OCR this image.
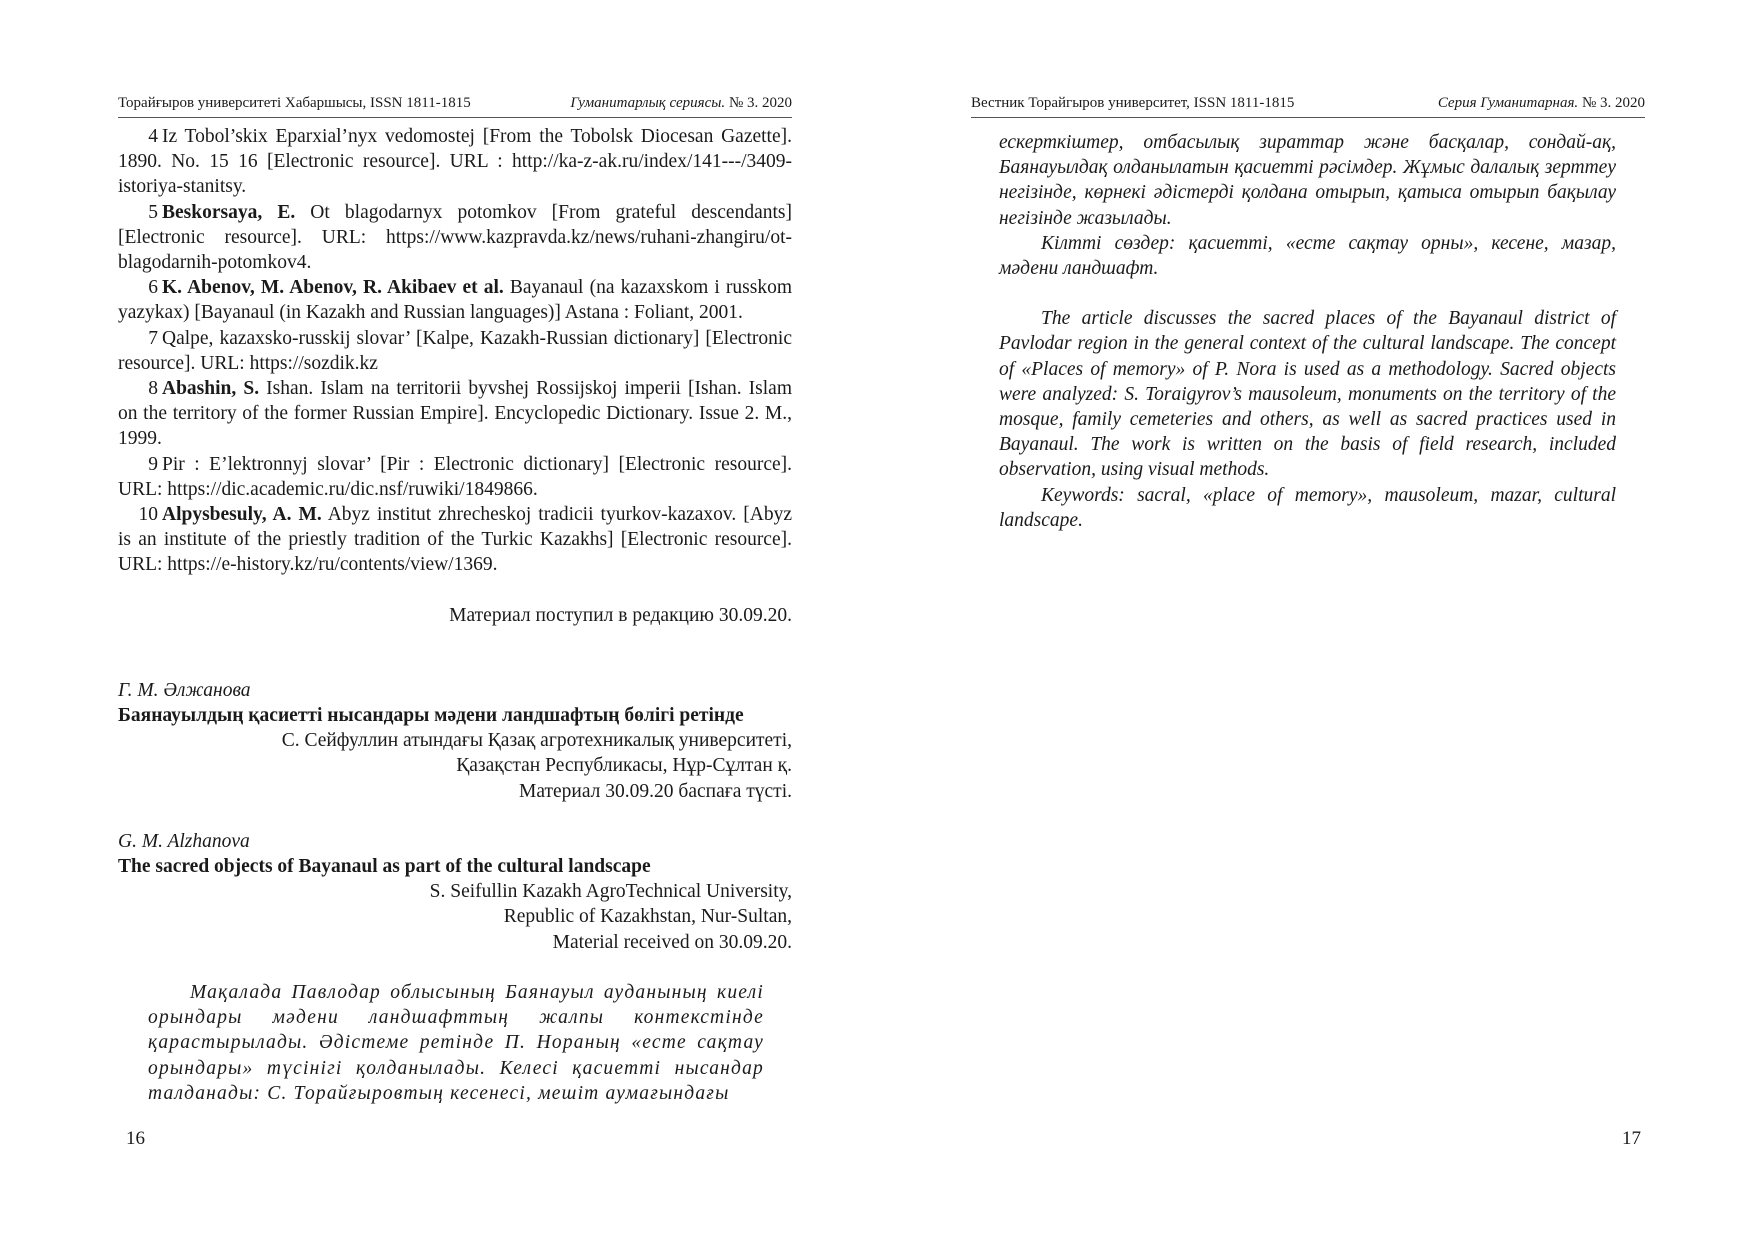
Торайғыров университеті Хабаршысы, ISSN 1811-1815	Гуманитарлық сериясы. № 3. 2020

4 Iz Tobol’skix Eparxial’nyx vedomostej [From the Tobolsk Diocesan Gazette]. 1890. No. 15 16 [Electronic resource]. URL : http://ka-z-ak.ru/index/141---/3409-istoriya-stanitsy.

5 Beskorsaya, E. Ot blagodarnyx potomkov [From grateful descendants] [Electronic resource]. URL: https://www.kazpravda.kz/news/ruhani-zhangiru/ot-blagodarnih-potomkov4.

6 K. Abenov, M. Abenov, R. Akibaev et al. Bayanaul (na kazaxskom i russkom yazykax) [Bayanaul (in Kazakh and Russian languages)] Astana : Foliant, 2001.

7 Qalpe, kazaxsko-russkij slovar’ [Kalpe, Kazakh-Russian dictionary] [Electronic resource]. URL: https://sozdik.kz

8 Abashin, S. Ishan. Islam na territorii byvshej Rossijskoj imperii [Ishan. Islam on the territory of the former Russian Empire]. Encyclopedic Dictionary. Issue 2. M., 1999.

9 Pir : E’lektronnyj slovar’ [Pir : Electronic dictionary] [Electronic resource]. URL: https://dic.academic.ru/dic.nsf/ruwiki/1849866.

10 Alpysbesuly, A. M. Abyz institut zhrecheskoj tradicii tyurkov-kazaxov. [Abyz is an institute of the priestly tradition of the Turkic Kazakhs] [Electronic resource]. URL: https://e-history.kz/ru/contents/view/1369.

Материал поступил в редакцию 30.09.20.

Г. М. Әлжанова

Баянауылдың қасиетті нысандары мәдени ландшафтың бөлігі ретінде

С. Сейфуллин атындағы Қазақ агротехникалық университеті,

Қазақстан Республикасы, Нұр-Сұлтан қ.

Материал 30.09.20 баспаға түсті.

G. M. Alzhanova

The sacred objects of Bayanaul as part of the cultural landscape

S. Seifullin Kazakh AgroTechnical University,

Republic of Kazakhstan, Nur-Sultan,

Material received on 30.09.20.

Мақалада Павлодар облысының Баянауыл ауданының киелі орындары мәдени ландшафттың жалпы контекстінде қарастырылады. Әдістеме ретінде П. Нораның «есте сақтау орындары» түсінігі қолданылады. Келесі қасиетті нысандар талданады: С. Торайғыровтың кесенесі, мешіт аумағындағы

16
Вестник Торайгыров университет, ISSN 1811-1815	Серия Гуманитарная. № 3. 2020

ескерткіштер, отбасылық зираттар және басқалар, сондай-ақ, Баянауылдақ олданылатын қасиетті рәсімдер. Жұмыс далалық зерттеу негізінде, көрнекі әдістерді қолдана отырып, қатыса отырып бақылау негізінде жазылады.

Кілтті сөздер: қасиетті, «есте сақтау орны», кесене, мазар, мәдени ландшафт.

The article discusses the sacred places of the Bayanaul district of Pavlodar region in the general context of the cultural landscape. The concept of «Places of memory» of P. Nora is used as a methodology. Sacred objects were analyzed: S. Toraigyrov’s mausoleum, monuments on the territory of the mosque, family cemeteries and others, as well as sacred practices used in Bayanaul. The work is written on the basis of field research, included observation, using visual methods.

Keywords: sacral, «place of memory», mausoleum, mazar, cultural landscape.

17
